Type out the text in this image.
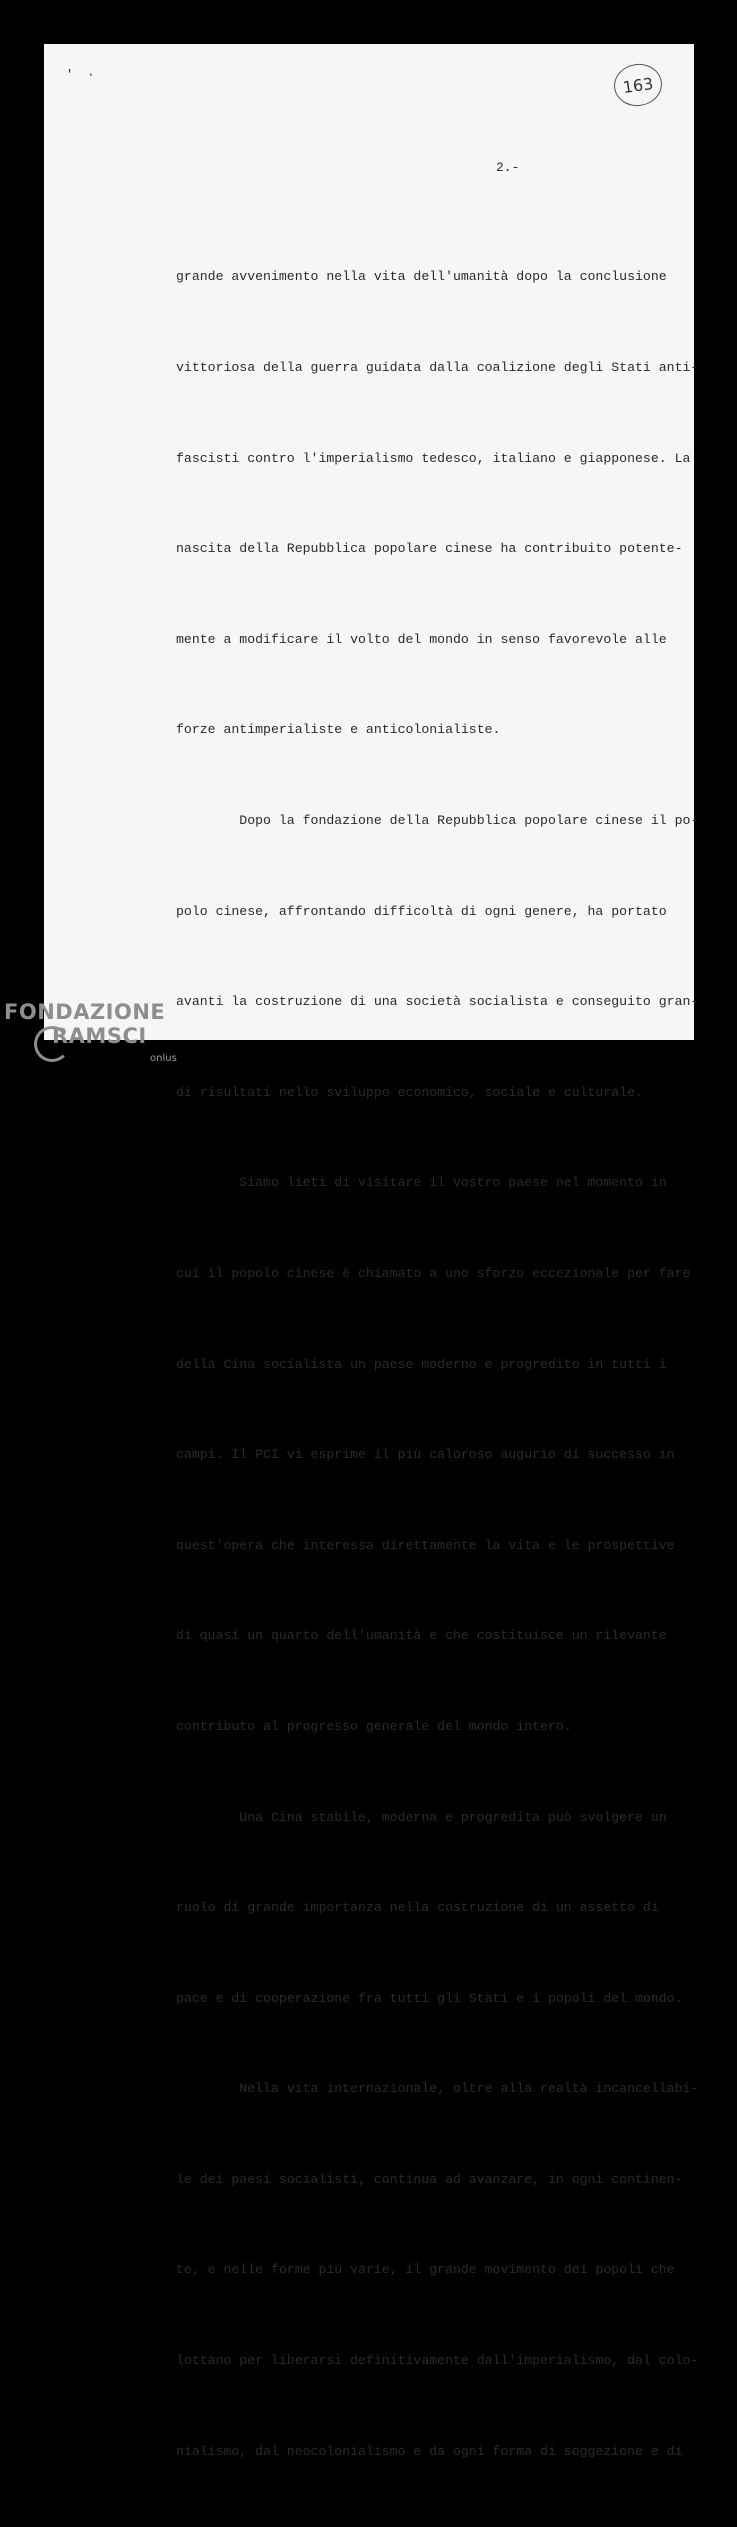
'·	163
2.-

grande avvenimento nella vita dell'umanità dopo la conclusione

vittoriosa della guerra guidata dalla coalizione degli Stati anti-

fascisti contro l'imperialismo tedesco, italiano e giapponese. La

nascita della Repubblica popolare cinese ha contribuito potente-

mente a modificare il volto del mondo in senso favorevole alle

forze antimperialiste e anticolonialiste.

Dopo la fondazione della Repubblica popolare cinese il po-

polo cinese, affrontando difficoltà di ogni genere, ha portato

avanti la costruzione di una società socialista e conseguito gran-

di risultati nello sviluppo economico, sociale e culturale.

Siamo lieti di visitare il vostro paese nel momento in

cui il popolo cinese è chiamato a uno sforzo eccezionale per fare

della Cina socialista un paese moderno e progredito in tutti i

campi. Il PCI vi esprime il più caloroso augurio di successo in

quest'opera che interessa direttamente la vita e le prospettive

di quasi un quarto dell'umanità e che costituisce un rilevante

contributo al progresso generale del mondo intero.

Una Cina stabile, moderna e progredita può svolgere un

ruolo di grande importanza nella costruzione di un assetto di

pace e di cooperazione fra tutti gli Stati e i popoli del mondo.

Nella vita internazionale, oltre alla realtà incancellabi-

le dei paesi socialisti, continua ad avanzare, in ogni continen-

te, e nelle forme più varie, il grande movimento dei popoli che

lottano per liberarsi definitivamente dall'imperialismo, dal colo-

nialismo, dal neocolonialismo e da ogni forma di soggezione e di

FONDAZIONE
RAMSCI
onlus
